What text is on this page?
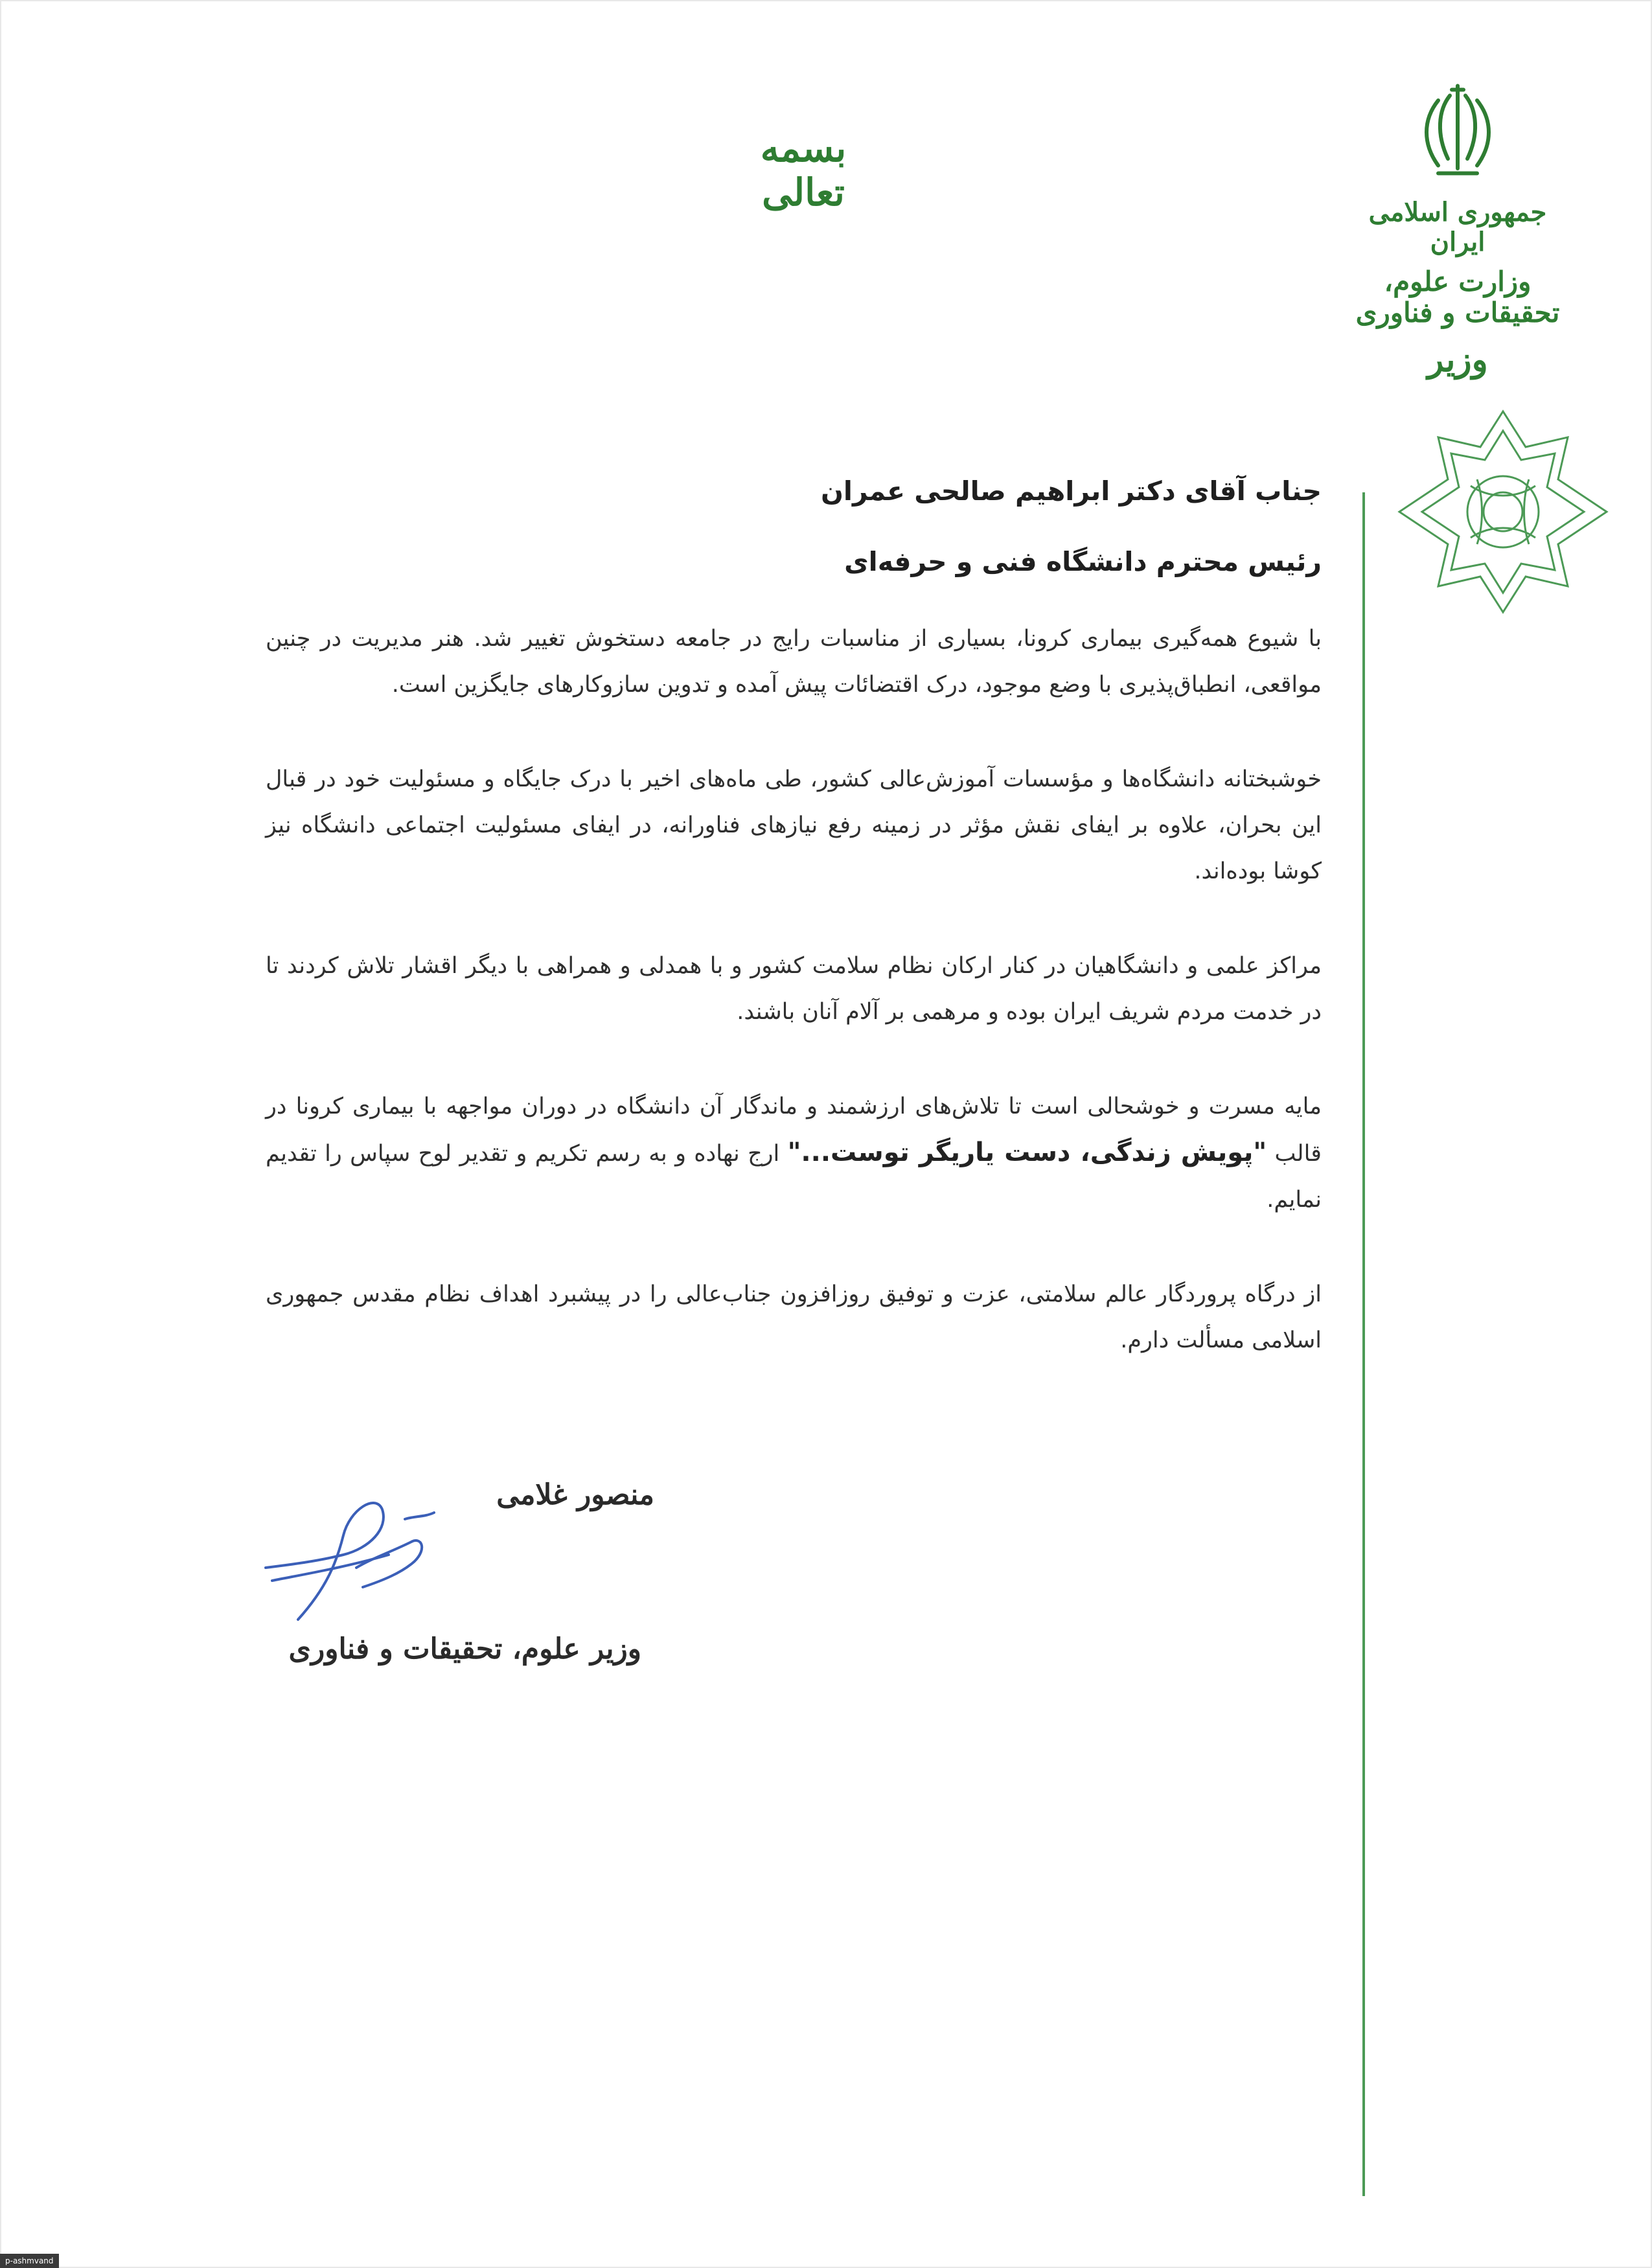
بسمه تعالی	جمهوری اسلامی ایران
وزارت علوم، تحقیقات و فناوری
وزیر

جناب آقای دکتر ابراهیم صالحی عمران

رئیس محترم دانشگاه فنی و حرفه‌ای

با شیوع همه‌گیری بیماری کرونا، بسیاری از مناسبات رایج در جامعه دستخوش تغییر شد. هنر مدیریت در چنین مواقعی، انطباق‌پذیری با وضع موجود، درک اقتضائات پیش آمده و تدوین سازوکارهای جایگزین است.

خوشبختانه دانشگاه‌ها و مؤسسات آموزش‌عالی کشور، طی ماه‌های اخیر با درک جایگاه و مسئولیت خود در قبال این بحران، علاوه بر ایفای نقش مؤثر در زمینه رفع نیازهای فناورانه، در ایفای مسئولیت اجتماعی دانشگاه نیز کوشا بوده‌اند.

مراکز علمی و دانشگاهیان در کنار ارکان نظام سلامت کشور و با همدلی و همراهی با دیگر اقشار تلاش کردند تا در خدمت مردم شریف ایران بوده و مرهمی بر آلام آنان باشند.

مایه مسرت و خوشحالی است تا تلاش‌های ارزشمند و ماندگار آن دانشگاه در دوران مواجهه با بیماری کرونا در قالب "پویش زندگی، دست یاریگر توست..." ارج نهاده و به رسم تکریم و تقدیر لوح سپاس را تقدیم نمایم.

از درگاه پروردگار عالم سلامتی، عزت و توفیق روزافزون جناب‌عالی را در پیشبرد اهداف نظام مقدس جمهوری اسلامی مسألت دارم.

منصور غلامی
وزیر علوم، تحقیقات و فناوری
p-ashmvand
